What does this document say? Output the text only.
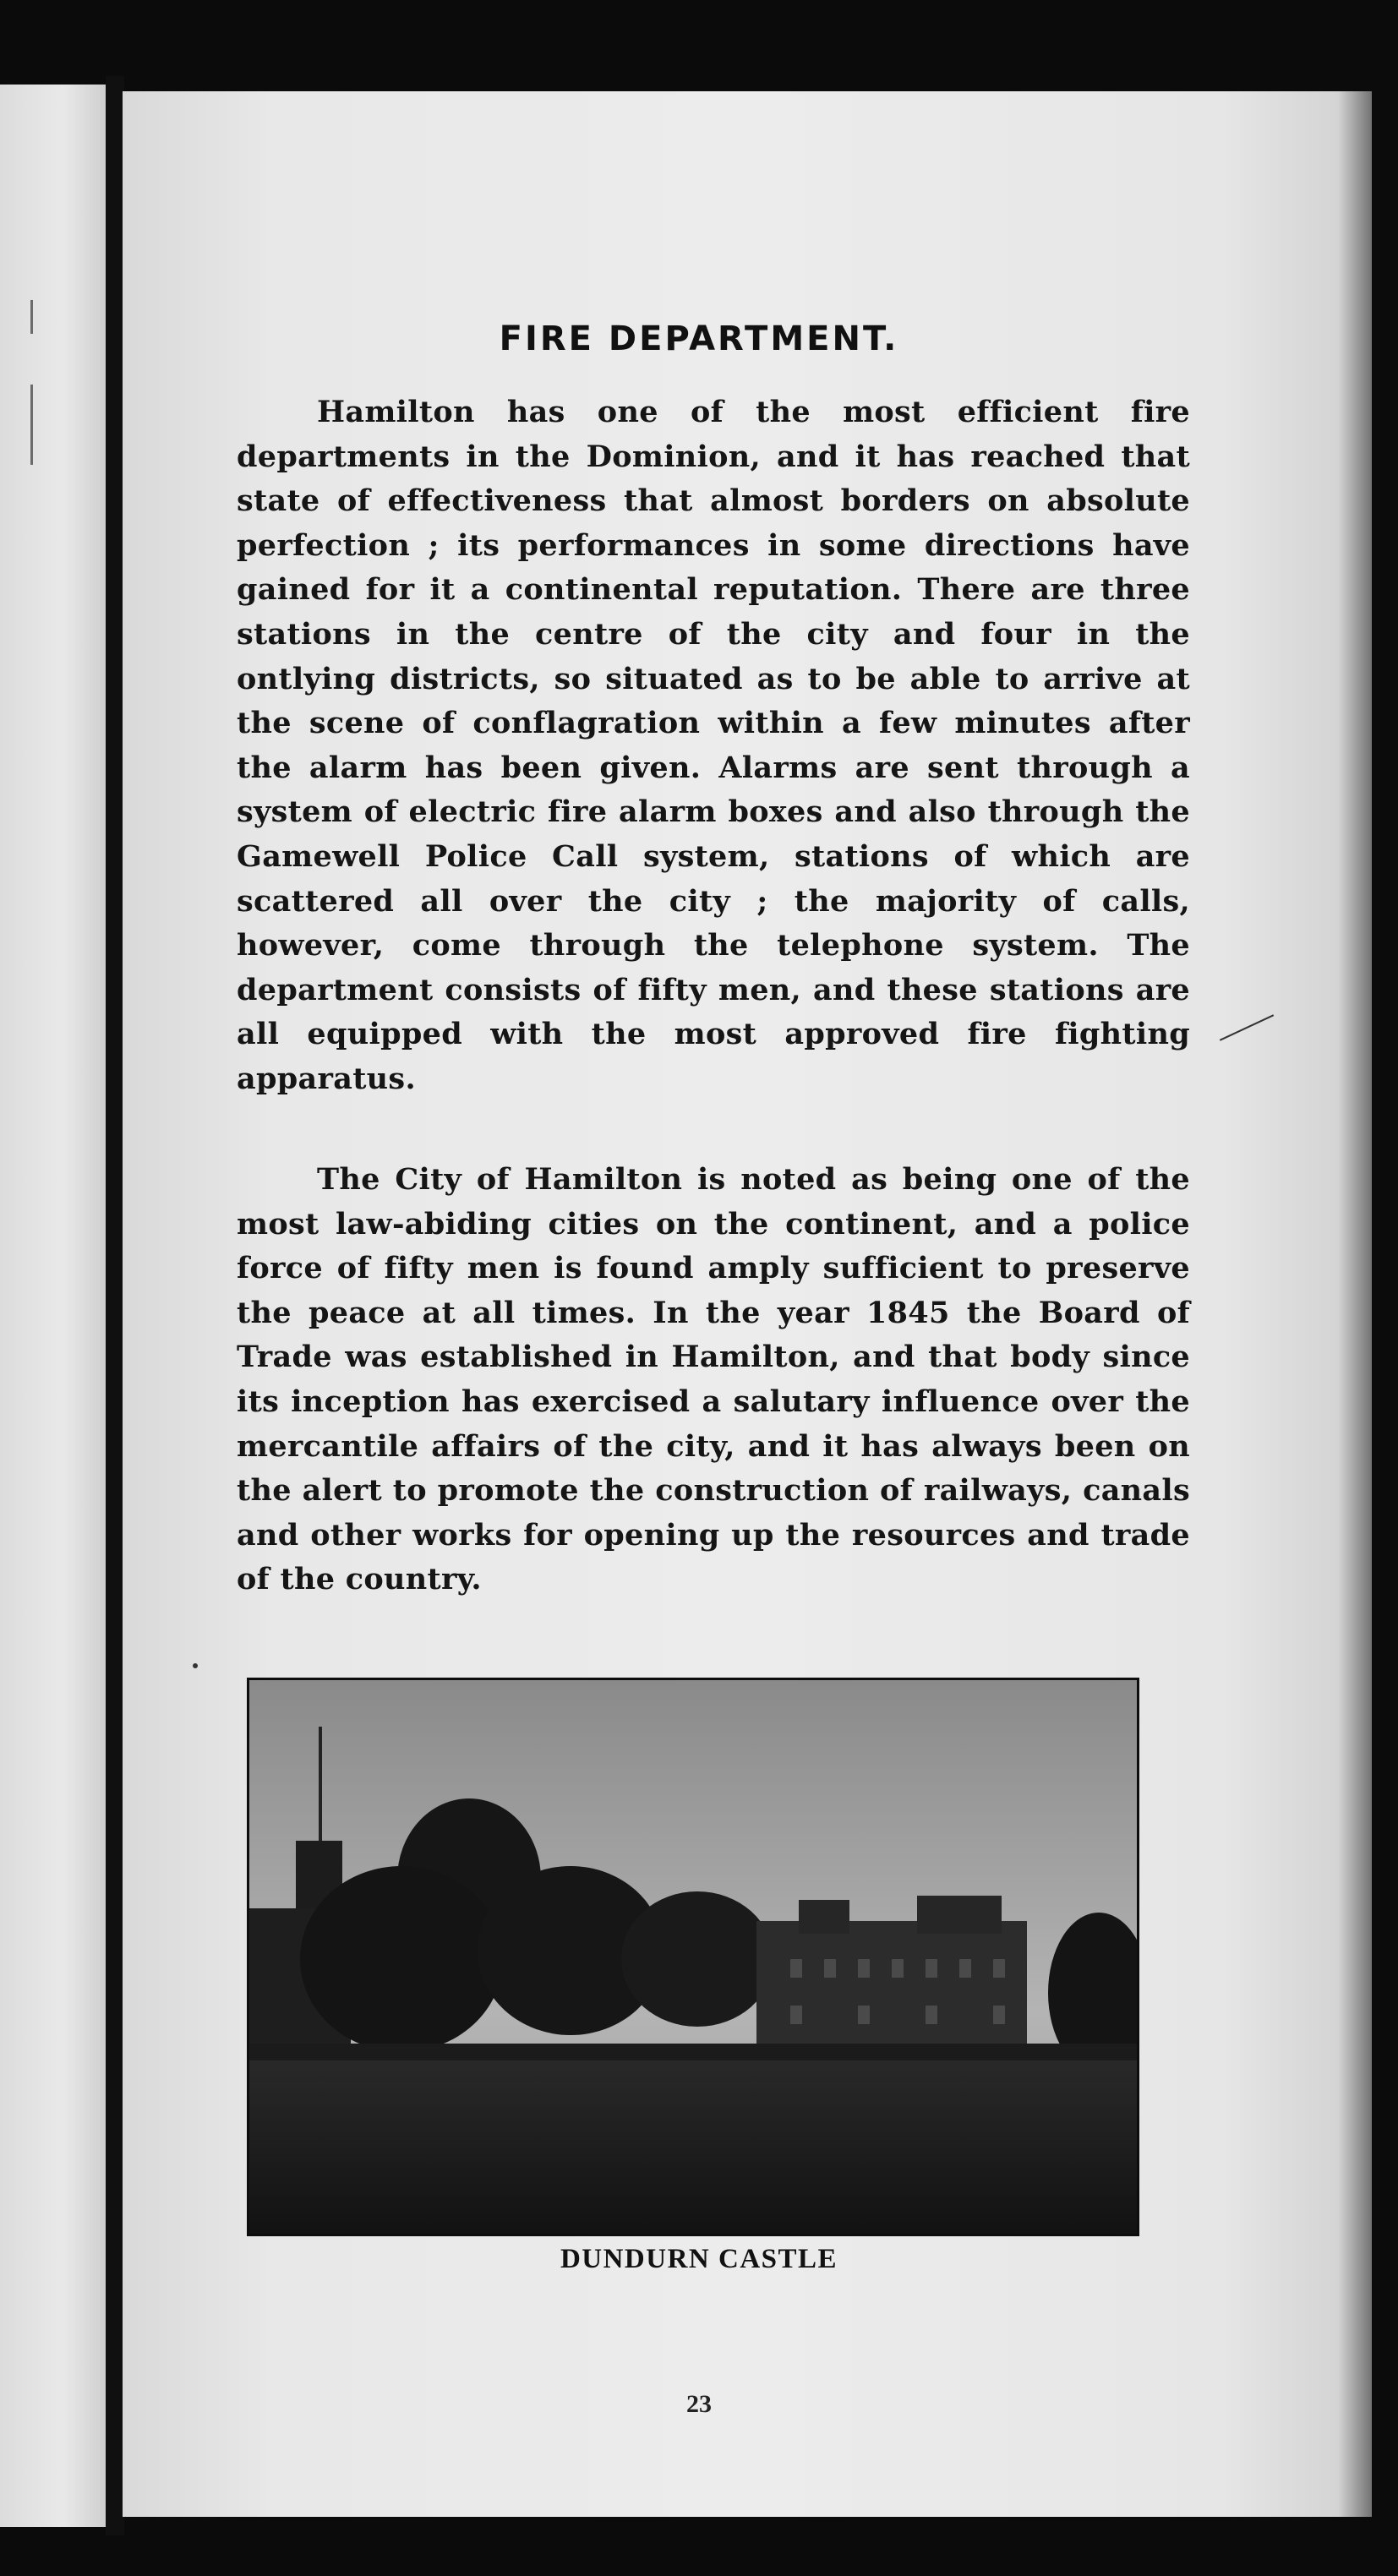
FIRE DEPARTMENT.

Hamilton has one of the most efficient fire departments in the Dominion, and it has reached that state of effectiveness that almost borders on absolute perfection ; its performances in some directions have gained for it a continental reputation. There are three stations in the centre of the city and four in the ontlying districts, so situated as to be able to arrive at the scene of conflagration within a few minutes after the alarm has been given. Alarms are sent through a system of electric fire alarm boxes and also through the Gamewell Police Call system, stations of which are scattered all over the city ; the majority of calls, however, come through the telephone system. The department consists of fifty men, and these stations are all equipped with the most approved fire fighting apparatus.

The City of Hamilton is noted as being one of the most law-abiding cities on the continent, and a police force of fifty men is found amply sufficient to preserve the peace at all times. In the year 1845 the Board of Trade was established in Hamilton, and that body since its inception has exercised a salutary influence over the mercantile affairs of the city, and it has always been on the alert to promote the construction of railways, canals and other works for opening up the resources and trade of the country.

DUNDURN CASTLE
23
